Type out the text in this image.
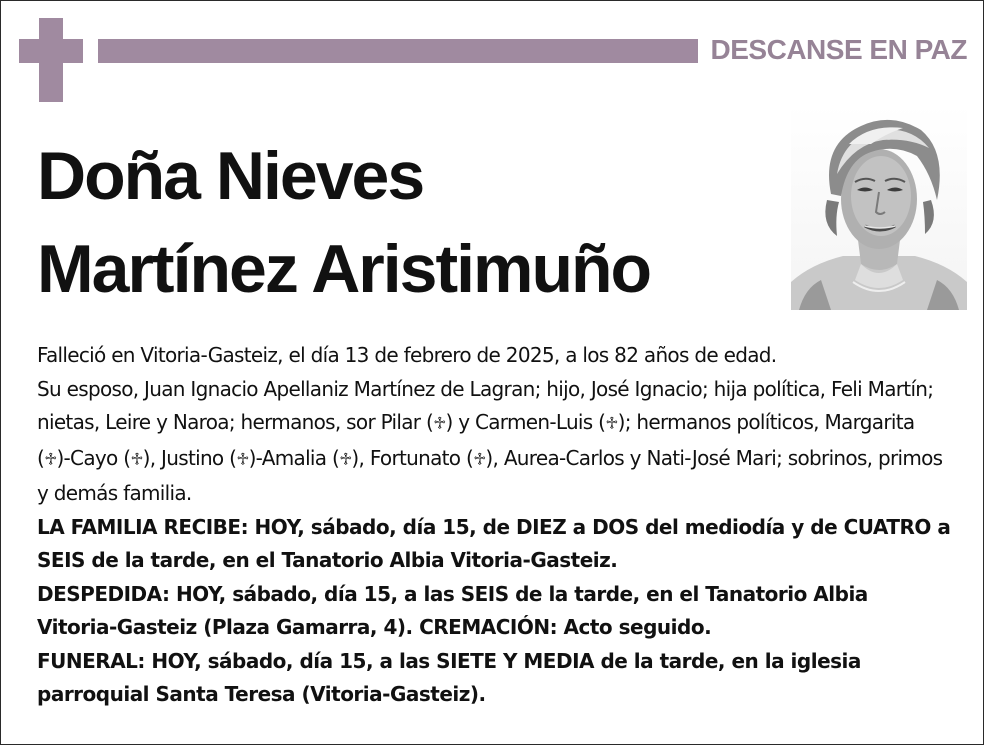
DESCANSE EN PAZ
Doña Nieves
Martínez Aristimuño

Falleció en Vitoria-Gasteiz, el día 13 de febrero de 2025, a los 82 años de edad.

Su esposo, Juan Ignacio Apellaniz Martínez de Lagran; hijo, José Ignacio; hija política, Feli Martín; nietas, Leire y Naroa; hermanos, sor Pilar (♱) y Carmen-Luis (♱); hermanos políticos, Margarita (♱)-Cayo (♱), Justino (♱)-Amalia (♱), Fortunato (♱), Aurea-Carlos y Nati-José Mari; sobrinos, primos y demás familia.

LA FAMILIA RECIBE: HOY, sábado, día 15, de DIEZ a DOS del mediodía y de CUATRO a SEIS de la tarde, en el Tanatorio Albia Vitoria-Gasteiz.

DESPEDIDA: HOY, sábado, día 15, a las SEIS de la tarde, en el Tanatorio Albia Vitoria-Gasteiz (Plaza Gamarra, 4). CREMACIÓN: Acto seguido.

FUNERAL: HOY, sábado, día 15, a las SIETE Y MEDIA de la tarde, en la iglesia parroquial Santa Teresa (Vitoria-Gasteiz).
